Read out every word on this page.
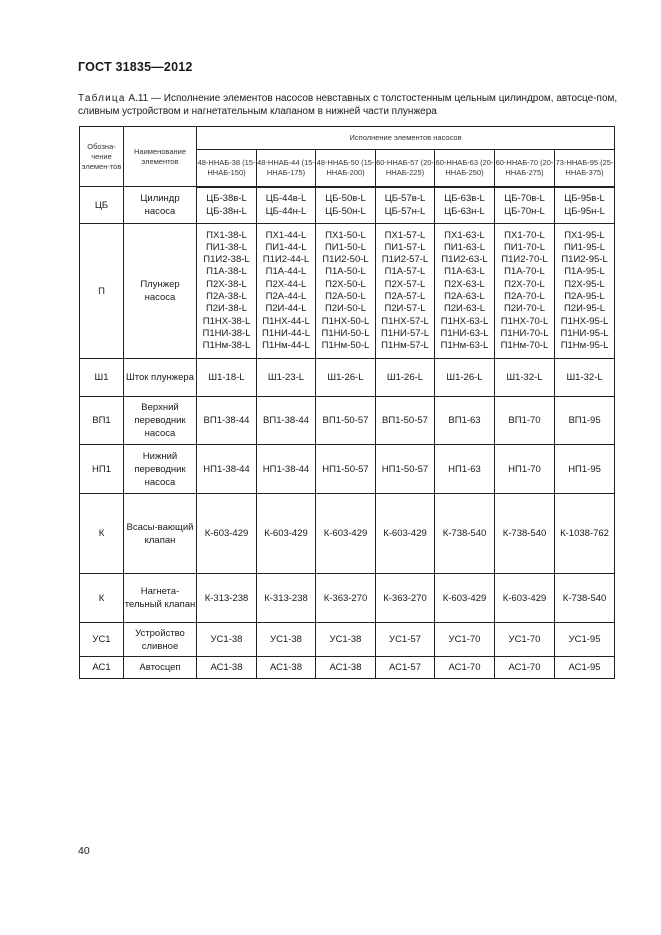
ГОСТ 31835—2012
Таблица А.11 — Исполнение элементов насосов невставных с толстостенным цельным цилиндром, автосце-пом, сливным устройством и нагнетательным клапаном в нижней части плунжера
Обозна-чение элемен-тов	Наименование элементов	Исполнение элементов насосов						
		48-ННАБ-38 (15-ННАБ-150)	48-ННАБ-44 (15-ННАБ-175)	48-ННАБ-50 (15-ННАБ-200)	60-ННАБ-57 (20-ННАБ-225)	60-ННАБ-63 (20-ННАБ-250)	60-ННАБ-70 (20-ННАБ-275)	73-ННАБ-95 (25-ННАБ-375)
ЦБ	Цилиндр насоса	ЦБ-38в-L ЦБ-38н-L	ЦБ-44в-L ЦБ-44н-L	ЦБ-50в-L ЦБ-50н-L	ЦБ-57в-L ЦБ-57н-L	ЦБ-63в-L ЦБ-63н-L	ЦБ-70в-L ЦБ-70н-L	ЦБ-95в-L ЦБ-95н-L
П	Плунжер насоса	ПХ1-38-L ПИ1-38-L П1И2-38-L П1А-38-L П2Х-38-L П2А-38-L П2И-38-L П1НХ-38-L П1НИ-38-L П1Нм-38-L	ПХ1-44-L ПИ1-44-L П1И2-44-L П1А-44-L П2Х-44-L П2А-44-L П2И-44-L П1НХ-44-L П1НИ-44-L П1Нм-44-L	ПХ1-50-L ПИ1-50-L П1И2-50-L П1А-50-L П2Х-50-L П2А-50-L П2И-50-L П1НХ-50-L П1НИ-50-L П1Нм-50-L	ПХ1-57-L ПИ1-57-L П1И2-57-L П1А-57-L П2Х-57-L П2А-57-L П2И-57-L П1НХ-57-L П1НИ-57-L П1Нм-57-L	ПХ1-63-L ПИ1-63-L П1И2-63-L П1А-63-L П2Х-63-L П2А-63-L П2И-63-L П1НХ-63-L П1НИ-63-L П1Нм-63-L	ПХ1-70-L ПИ1-70-L П1И2-70-L П1А-70-L П2Х-70-L П2А-70-L П2И-70-L П1НХ-70-L П1НИ-70-L П1Нм-70-L	ПХ1-95-L ПИ1-95-L П1И2-95-L П1А-95-L П2Х-95-L П2А-95-L П2И-95-L П1НХ-95-L П1НИ-95-L П1Нм-95-L
Ш1	Шток плунжера	Ш1-18-L	Ш1-23-L	Ш1-26-L	Ш1-26-L	Ш1-26-L	Ш1-32-L	Ш1-32-L
ВП1	Верхний переводник насоса	ВП1-38-44	ВП1-38-44	ВП1-50-57	ВП1-50-57	ВП1-63	ВП1-70	ВП1-95
НП1	Нижний переводник насоса	НП1-38-44	НП1-38-44	НП1-50-57	НП1-50-57	НП1-63	НП1-70	НП1-95
К	Всасы-вающий клапан	К-603-429	К-603-429	К-603-429	К-603-429	К-738-540	К-738-540	К-1038-762
К	Нагнета-тельный клапан	К-313-238	К-313-238	К-363-270	К-363-270	К-603-429	К-603-429	К-738-540
УС1	Устройство сливное	УС1-38	УС1-38	УС1-38	УС1-57	УС1-70	УС1-70	УС1-95
АС1	Автосцеп	АС1-38	АС1-38	АС1-38	АС1-57	АС1-70	АС1-70	АС1-95
40
